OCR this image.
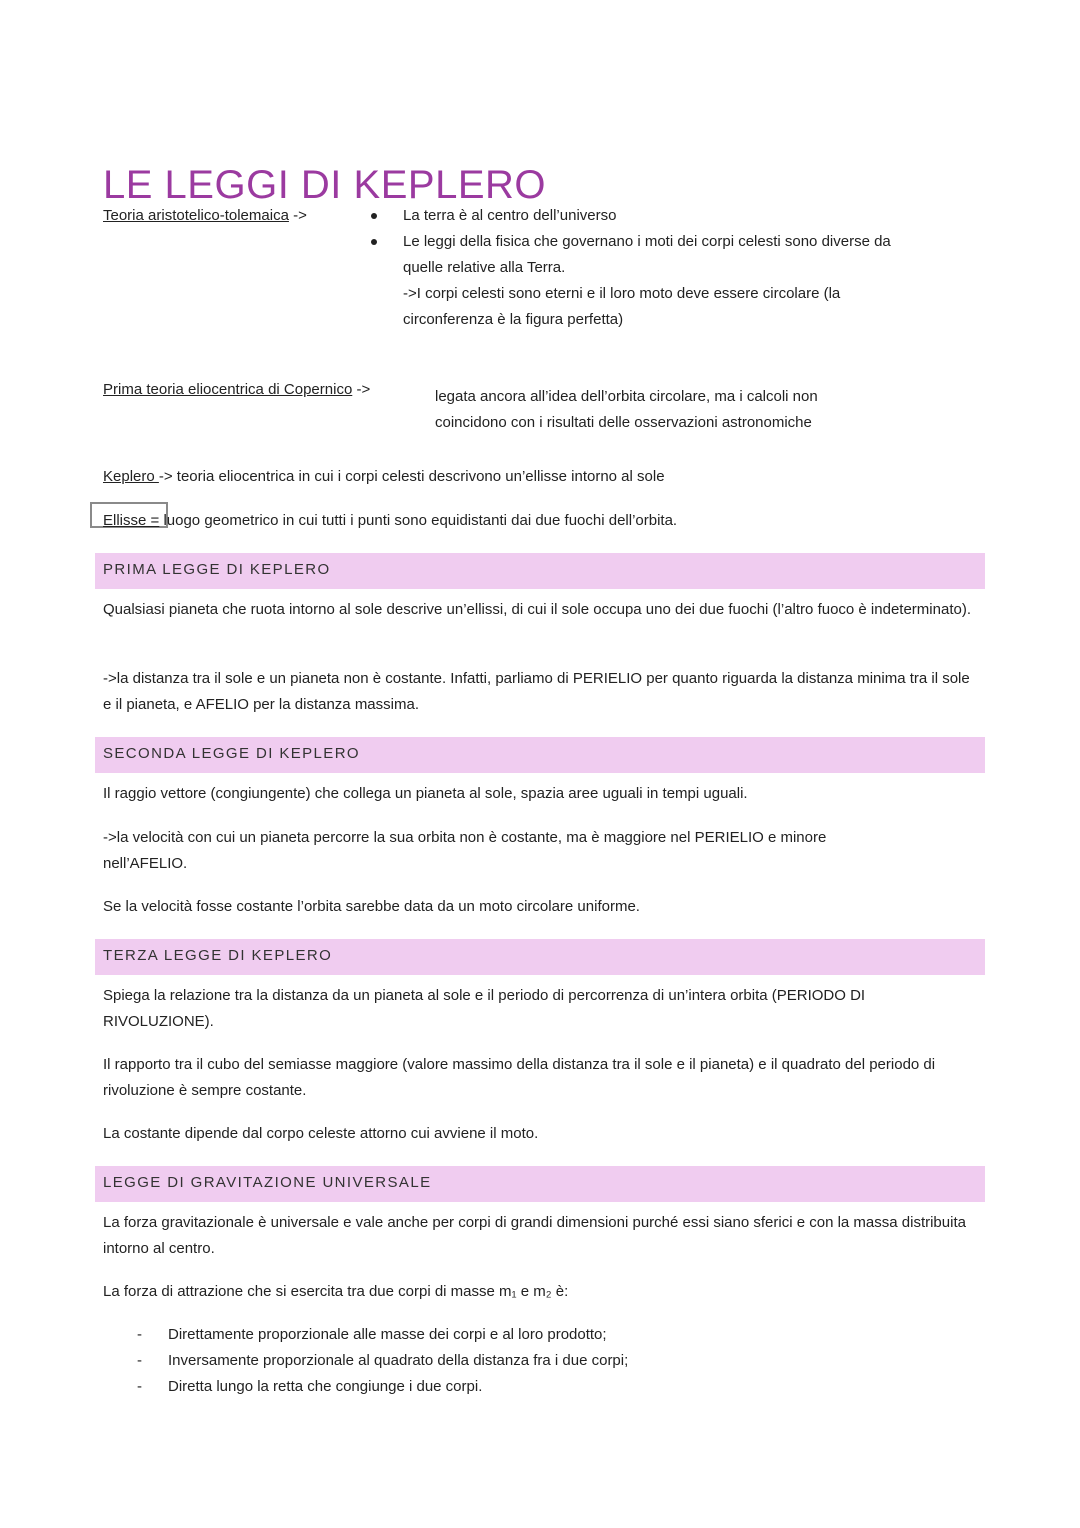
LE LEGGI DI KEPLERO
Teoria aristotelico-tolemaica ->	La terra è al centro dell’universo
Le leggi della fisica che governano i moti dei corpi celesti sono diverse da quelle relative alla Terra.
->I corpi celesti sono eterni e il loro moto deve essere circolare (la circonferenza è la figura perfetta)
Prima teoria eliocentrica di Copernico ->	legata ancora all’idea dell’orbita circolare, ma i calcoli non coincidono con i risultati delle osservazioni astronomiche
Keplero -> teoria eliocentrica in cui i corpi celesti descrivono un’ellisse intorno al sole
Ellisse = luogo geometrico in cui tutti i punti sono equidistanti dai due fuochi dell’orbita.
PRIMA LEGGE DI KEPLERO
Qualsiasi pianeta che ruota intorno al sole descrive un’ellissi, di cui il sole occupa uno dei due fuochi (l’altro fuoco è indeterminato).
->la distanza tra il sole e un pianeta non è costante. Infatti, parliamo di PERIELIO per quanto riguarda la distanza minima tra il sole e il pianeta, e AFELIO per la distanza massima.
SECONDA LEGGE DI KEPLERO
Il raggio vettore (congiungente) che collega un pianeta al sole, spazia aree uguali in tempi uguali.
->la velocità con cui un pianeta percorre la sua orbita non è costante, ma è maggiore nel PERIELIO e minore nell’AFELIO.
Se la velocità fosse costante l’orbita sarebbe data da un moto circolare uniforme.
TERZA LEGGE DI KEPLERO
Spiega la relazione tra la distanza da un pianeta al sole e il periodo di percorrenza di un’intera orbita (PERIODO DI RIVOLUZIONE).
Il rapporto tra il cubo del semiasse maggiore (valore massimo della distanza tra il sole e il pianeta) e il quadrato del periodo di rivoluzione è sempre costante.
La costante dipende dal corpo celeste attorno cui avviene il moto.
LEGGE DI GRAVITAZIONE UNIVERSALE
La forza gravitazionale è universale e vale anche per corpi di grandi dimensioni purché essi siano sferici e con la massa distribuita intorno al centro.
La forza di attrazione che si esercita tra due corpi di masse m₁ e m₂ è:
- Direttamente proporzionale alle masse dei corpi e al loro prodotto;
- Inversamente proporzionale al quadrato della distanza fra i due corpi;
- Diretta lungo la retta che congiunge i due corpi.
